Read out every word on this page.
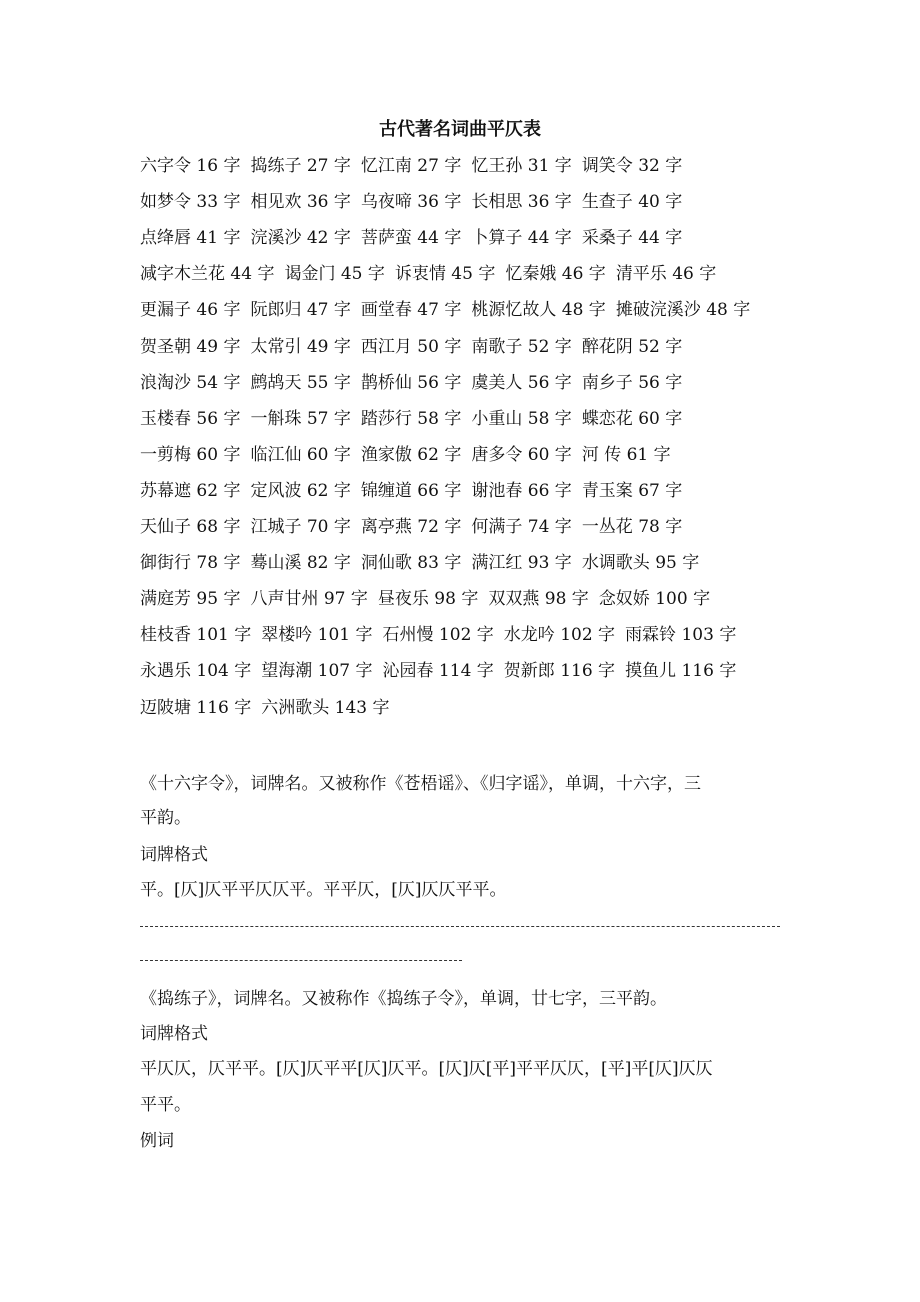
古代著名词曲平仄表
六字令 16 字 捣练子 27 字 忆江南 27 字 忆王孙 31 字 调笑令 32 字
如梦令 33 字 相见欢 36 字 乌夜啼 36 字 长相思 36 字 生查子 40 字
点绛唇 41 字 浣溪沙 42 字 菩萨蛮 44 字 卜算子 44 字 采桑子 44 字
减字木兰花 44 字 谒金门 45 字 诉衷情 45 字 忆秦娥 46 字 清平乐 46 字
更漏子 46 字 阮郎归 47 字 画堂春 47 字 桃源忆故人 48 字 摊破浣溪沙 48 字
贺圣朝 49 字 太常引 49 字 西江月 50 字 南歌子 52 字 醉花阴 52 字
浪淘沙 54 字 鹧鸪天 55 字 鹊桥仙 56 字 虞美人 56 字 南乡子 56 字
玉楼春 56 字 一斛珠 57 字 踏莎行 58 字 小重山 58 字 蝶恋花 60 字
一剪梅 60 字 临江仙 60 字 渔家傲 62 字 唐多令 60 字 河 传 61 字
苏幕遮 62 字 定风波 62 字 锦缠道 66 字 谢池春 66 字 青玉案 67 字
天仙子 68 字 江城子 70 字 离亭燕 72 字 何满子 74 字 一丛花 78 字
御街行 78 字 蓦山溪 82 字 洞仙歌 83 字 满江红 93 字 水调歌头 95 字
满庭芳 95 字 八声甘州 97 字 昼夜乐 98 字 双双燕 98 字 念奴娇 100 字
桂枝香 101 字 翠楼吟 101 字 石州慢 102 字 水龙吟 102 字 雨霖铃 103 字
永遇乐 104 字 望海潮 107 字 沁园春 114 字 贺新郎 116 字 摸鱼儿 116 字
迈陂塘 116 字 六洲歌头 143 字
《十六字令》，词牌名。又被称作《苍梧谣》、《归字谣》，单调，十六字，三
平韵。
词牌格式
平。[仄]仄平平仄仄平。平平仄，[仄]仄仄平平。
《捣练子》，词牌名。又被称作《捣练子令》，单调，廿七字，三平韵。
词牌格式
平仄仄，仄平平。[仄]仄平平[仄]仄平。[仄]仄[平]平平仄仄，[平]平[仄]仄仄
平平。
例词
